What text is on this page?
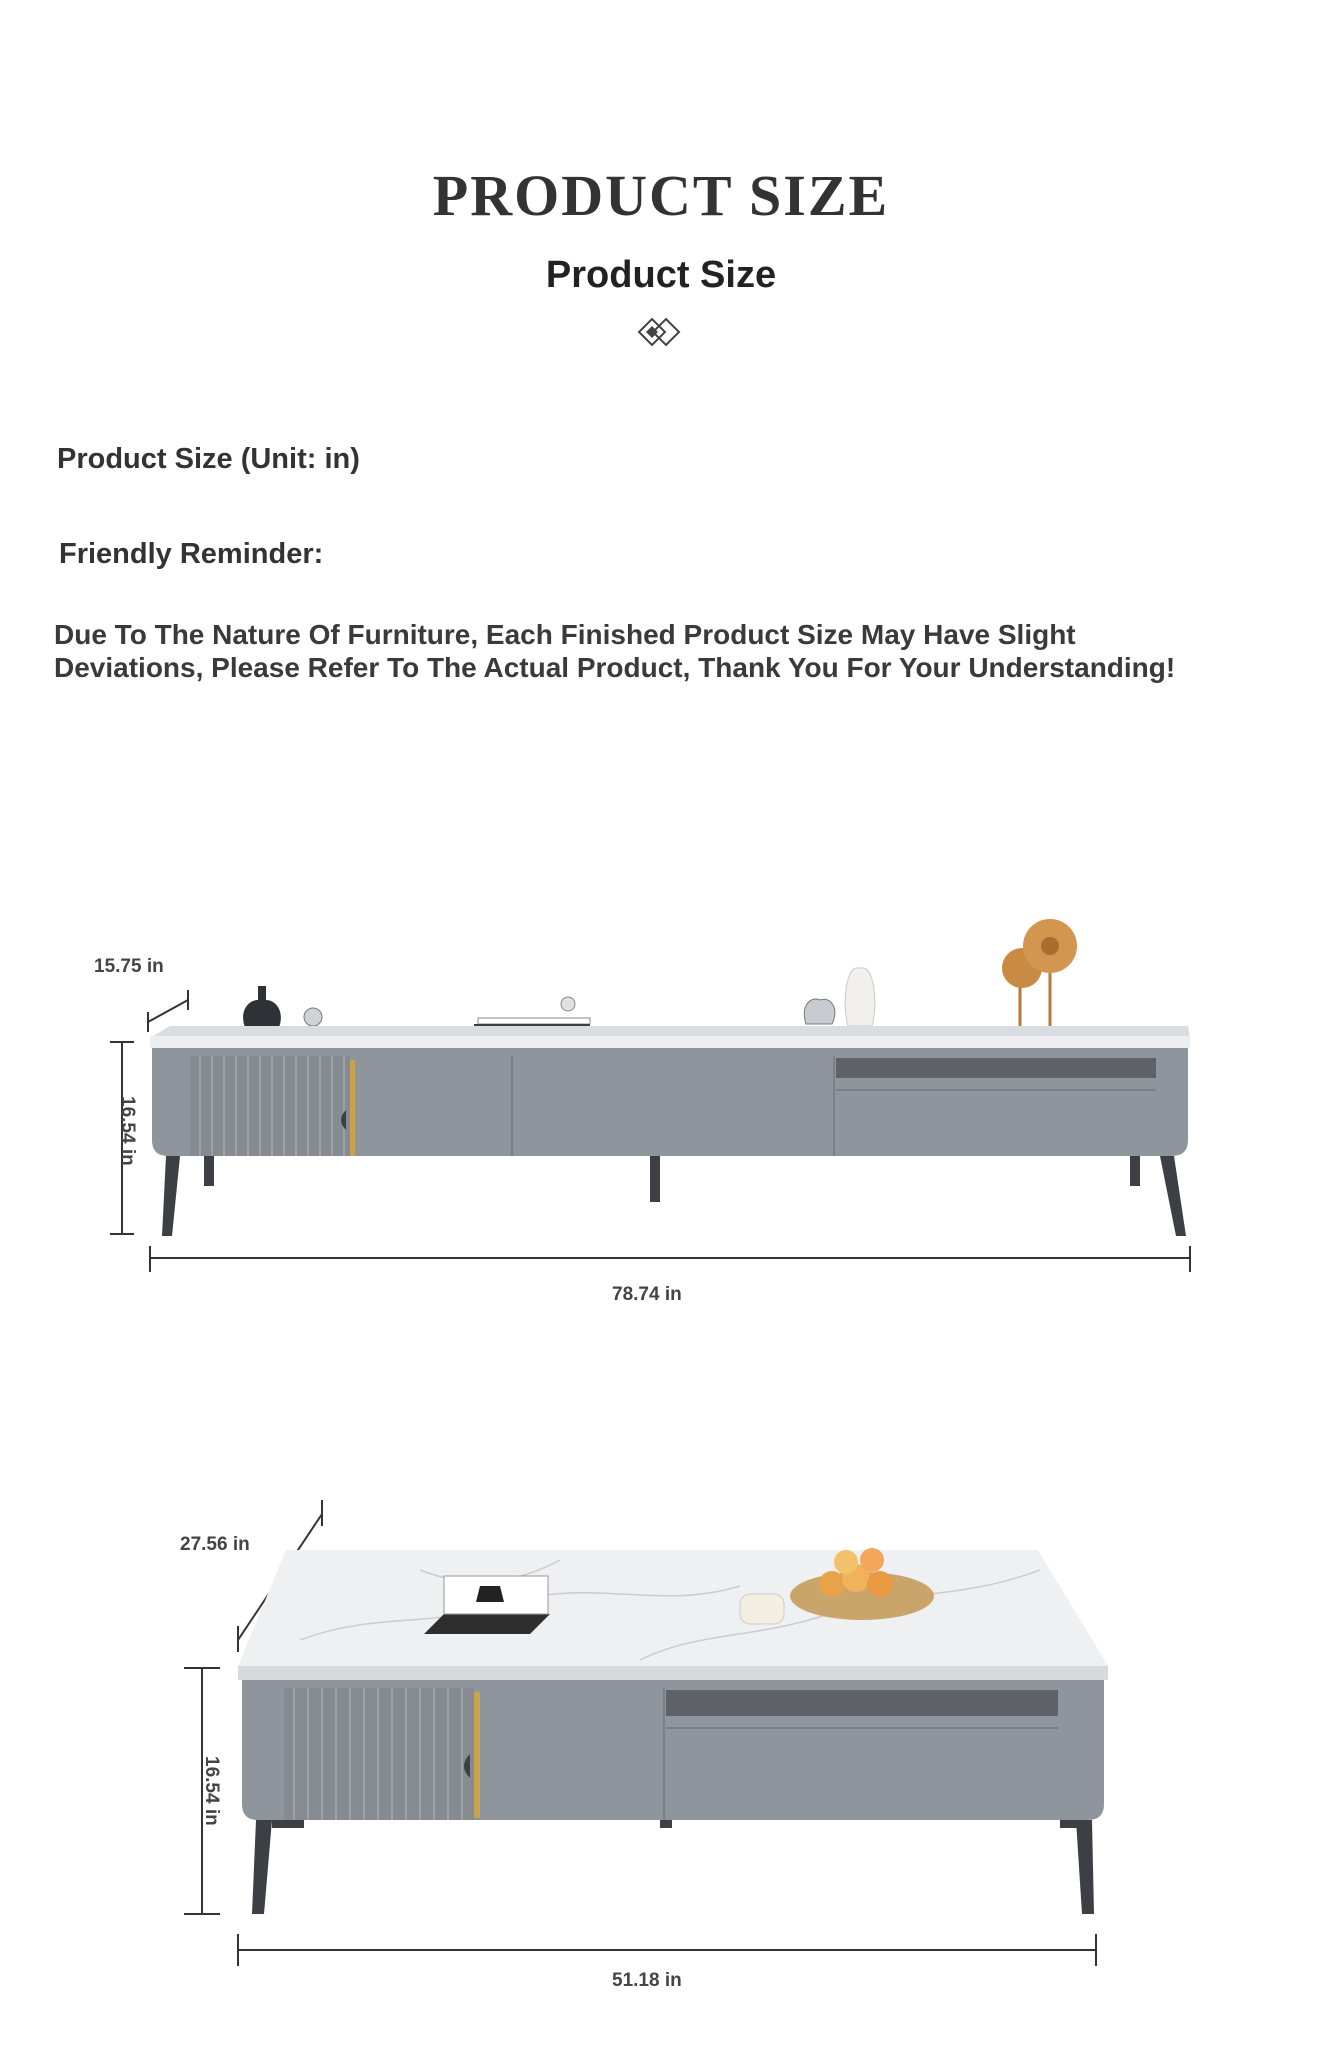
PRODUCT SIZE
Product Size
Product Size (Unit: in)
Friendly Reminder:
Due To The Nature Of Furniture, Each Finished Product Size May Have Slight
Deviations, Please Refer To The Actual Product, Thank You For Your Understanding!
15.75 in
16.54 in
78.74 in
27.56 in
16.54 in
51.18 in
